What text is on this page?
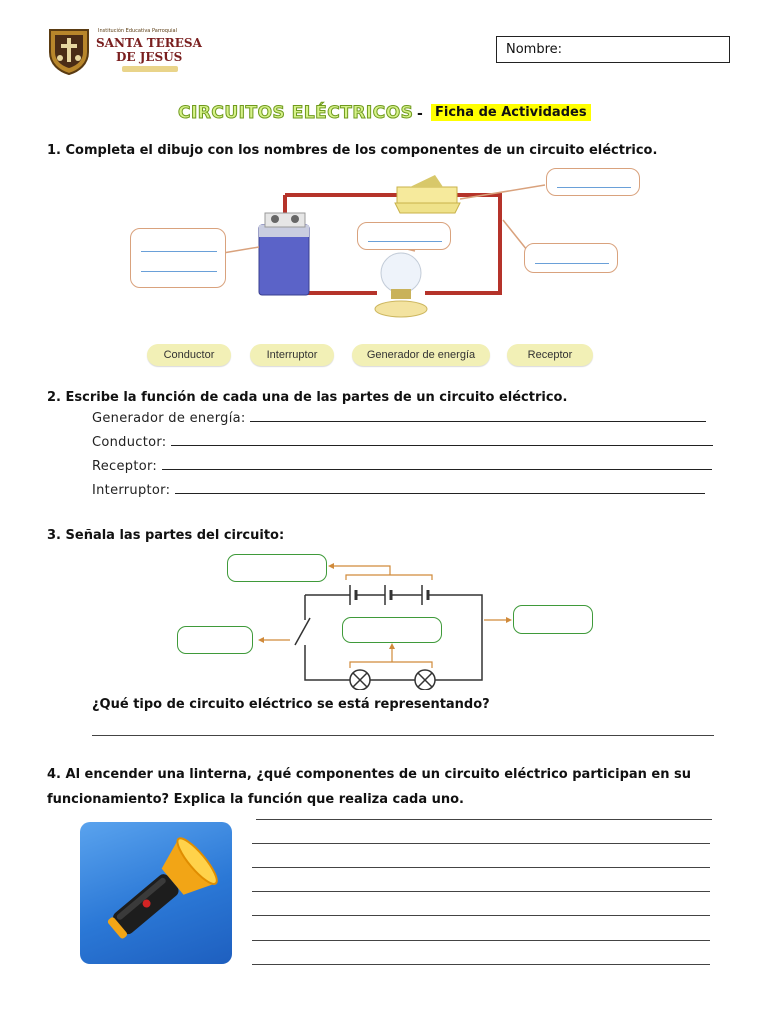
Institución Educativa Parroquial
SANTA TERESA
DE JESÚS	Nombre:
CIRCUITOS ELÉCTRICOS - Ficha de Actividades
1. Completa el dibujo con los nombres de los componentes de un circuito eléctrico.
Conductor	Interruptor	Generador de energía	Receptor
2. Escribe la función de cada una de las partes de un circuito eléctrico.
Generador de energía:
Conductor:
Receptor:
Interruptor:
3. Señala las partes del circuito:
¿Qué tipo de circuito eléctrico se está representando?
4. Al encender una linterna, ¿qué componentes de un circuito eléctrico participan en su
funcionamiento? Explica la función que realiza cada uno.
